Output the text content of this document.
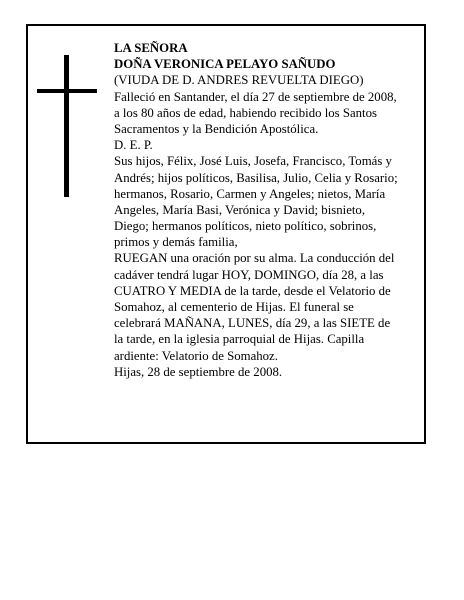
LA SEÑORA
DOÑA VERONICA PELAYO SAÑUDO
(VIUDA DE D. ANDRES REVUELTA DIEGO)
Falleció en Santander, el día 27 de septiembre de 2008,
a los 80 años de edad, habiendo recibido los Santos
Sacramentos y la Bendición Apostólica.
D. E. P.
Sus hijos, Félix, José Luis, Josefa, Francisco, Tomás y
Andrés; hijos políticos, Basilisa, Julio, Celia y Rosario;
hermanos, Rosario, Carmen y Angeles; nietos, María
Angeles, María Basi, Verónica y David; bisnieto,
Diego; hermanos políticos, nieto político, sobrinos,
primos y demás familia,
RUEGAN una oración por su alma. La conducción del
cadáver tendrá lugar HOY, DOMINGO, día 28, a las
CUATRO Y MEDIA de la tarde, desde el Velatorio de
Somahoz, al cementerio de Hijas. El funeral se
celebrará MAÑANA, LUNES, día 29, a las SIETE de
la tarde, en la iglesia parroquial de Hijas. Capilla
ardiente: Velatorio de Somahoz.
Hijas, 28 de septiembre de 2008.
